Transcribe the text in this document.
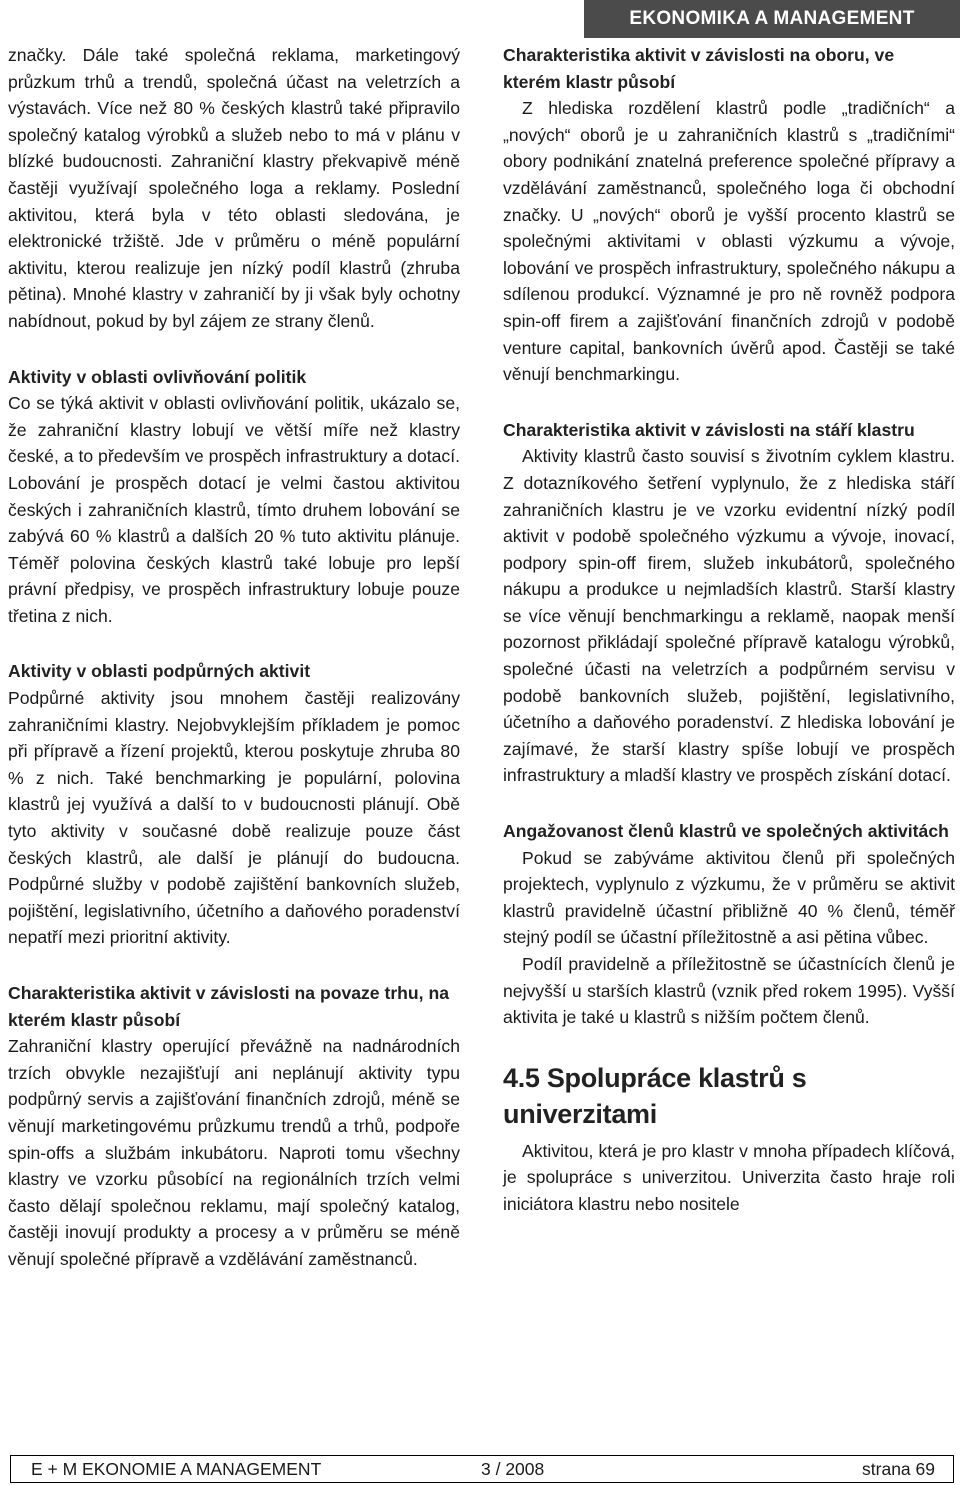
EKONOMIKA A MANAGEMENT

značky. Dále také společná reklama, marketingový průzkum trhů a trendů, společná účast na veletrzích a výstavách. Více než 80 % českých klastrů také připravilo společný katalog výrobků a služeb nebo to má v plánu v blízké budoucnosti. Zahraniční klastry překvapivě méně častěji využívají společného loga a reklamy. Poslední aktivitou, která byla v této oblasti sledována, je elektronické tržiště. Jde v průměru o méně populární aktivitu, kterou realizuje jen nízký podíl klastrů (zhruba pětina). Mnohé klastry v zahraničí by ji však byly ochotny nabídnout, pokud by byl zájem ze strany členů.

Aktivity v oblasti ovlivňování politik

Co se týká aktivit v oblasti ovlivňování politik, ukázalo se, že zahraniční klastry lobují ve větší míře než klastry české, a to především ve prospěch infrastruktury a dotací. Lobování je prospěch dotací je velmi častou aktivitou českých i zahraničních klastrů, tímto druhem lobování se zabývá 60 % klastrů a dalších 20 % tuto aktivitu plánuje. Téměř polovina českých klastrů také lobuje pro lepší právní předpisy, ve prospěch infrastruktury lobuje pouze třetina z nich.

Aktivity v oblasti podpůrných aktivit

Podpůrné aktivity jsou mnohem častěji realizovány zahraničními klastry. Nejobvyklejším příkladem je pomoc při přípravě a řízení projektů, kterou poskytuje zhruba 80 % z nich. Také benchmarking je populární, polovina klastrů jej využívá a další to v budoucnosti plánují. Obě tyto aktivity v současné době realizuje pouze část českých klastrů, ale další je plánují do budoucna. Podpůrné služby v podobě zajištění bankovních služeb, pojištění, legislativního, účetního a daňového poradenství nepatří mezi prioritní aktivity.

Charakteristika aktivit v závislosti na povaze trhu, na kterém klastr působí

Zahraniční klastry operující převážně na nadnárodních trzích obvykle nezajišťují ani neplánují aktivity typu podpůrný servis a zajišťování finančních zdrojů, méně se věnují marketingovému průzkumu trendů a trhů, podpoře spin-offs a službám inkubátoru. Naproti tomu všechny klastry ve vzorku působící na regionálních trzích velmi často dělají společnou reklamu, mají společný katalog, častěji inovují produkty a procesy a v průměru se méně věnují společné přípravě a vzdělávání zaměstnanců.

Charakteristika aktivit v závislosti na oboru, ve kterém klastr působí

Z hlediska rozdělení klastrů podle „tradičních“ a „nových“ oborů je u zahraničních klastrů s „tradičními“ obory podnikání znatelná preference společné přípravy a vzdělávání zaměstnanců, společného loga či obchodní značky. U „nových“ oborů je vyšší procento klastrů se společnými aktivitami v oblasti výzkumu a vývoje, lobování ve prospěch infrastruktury, společného nákupu a sdílenou produkcí. Významné je pro ně rovněž podpora spin-off firem a zajišťování finančních zdrojů v podobě venture capital, bankovních úvěrů apod. Častěji se také věnují benchmarkingu.

Charakteristika aktivit v závislosti na stáří klastru

Aktivity klastrů často souvisí s životním cyklem klastru. Z dotazníkového šetření vyplynulo, že z hlediska stáří zahraničních klastru je ve vzorku evidentní nízký podíl aktivit v podobě společného výzkumu a vývoje, inovací, podpory spin-off firem, služeb inkubátorů, společného nákupu a produkce u nejmladších klastrů. Starší klastry se více věnují benchmarkingu a reklamě, naopak menší pozornost přikládají společné přípravě katalogu výrobků, společné účasti na veletrzích a podpůrném servisu v podobě bankovních služeb, pojištění, legislativního, účetního a daňového poradenství. Z hlediska lobování je zajímavé, že starší klastry spíše lobují ve prospěch infrastruktury a mladší klastry ve prospěch získání dotací.

Angažovanost členů klastrů ve společných aktivitách

Pokud se zabýváme aktivitou členů při společných projektech, vyplynulo z výzkumu, že v průměru se aktivit klastrů pravidelně účastní přibližně 40 % členů, téměř stejný podíl se účastní příležitostně a asi pětina vůbec.

Podíl pravidelně a příležitostně se účastnících členů je nejvyšší u starších klastrů (vznik před rokem 1995). Vyšší aktivita je také u klastrů s nižším počtem členů.

4.5 Spolupráce klastrů s univerzitami

Aktivitou, která je pro klastr v mnoha případech klíčová, je spolupráce s univerzitou. Univerzita často hraje roli iniciátora klastru nebo nositele

E + M EKONOMIE A MANAGEMENT	3 / 2008	strana 69
